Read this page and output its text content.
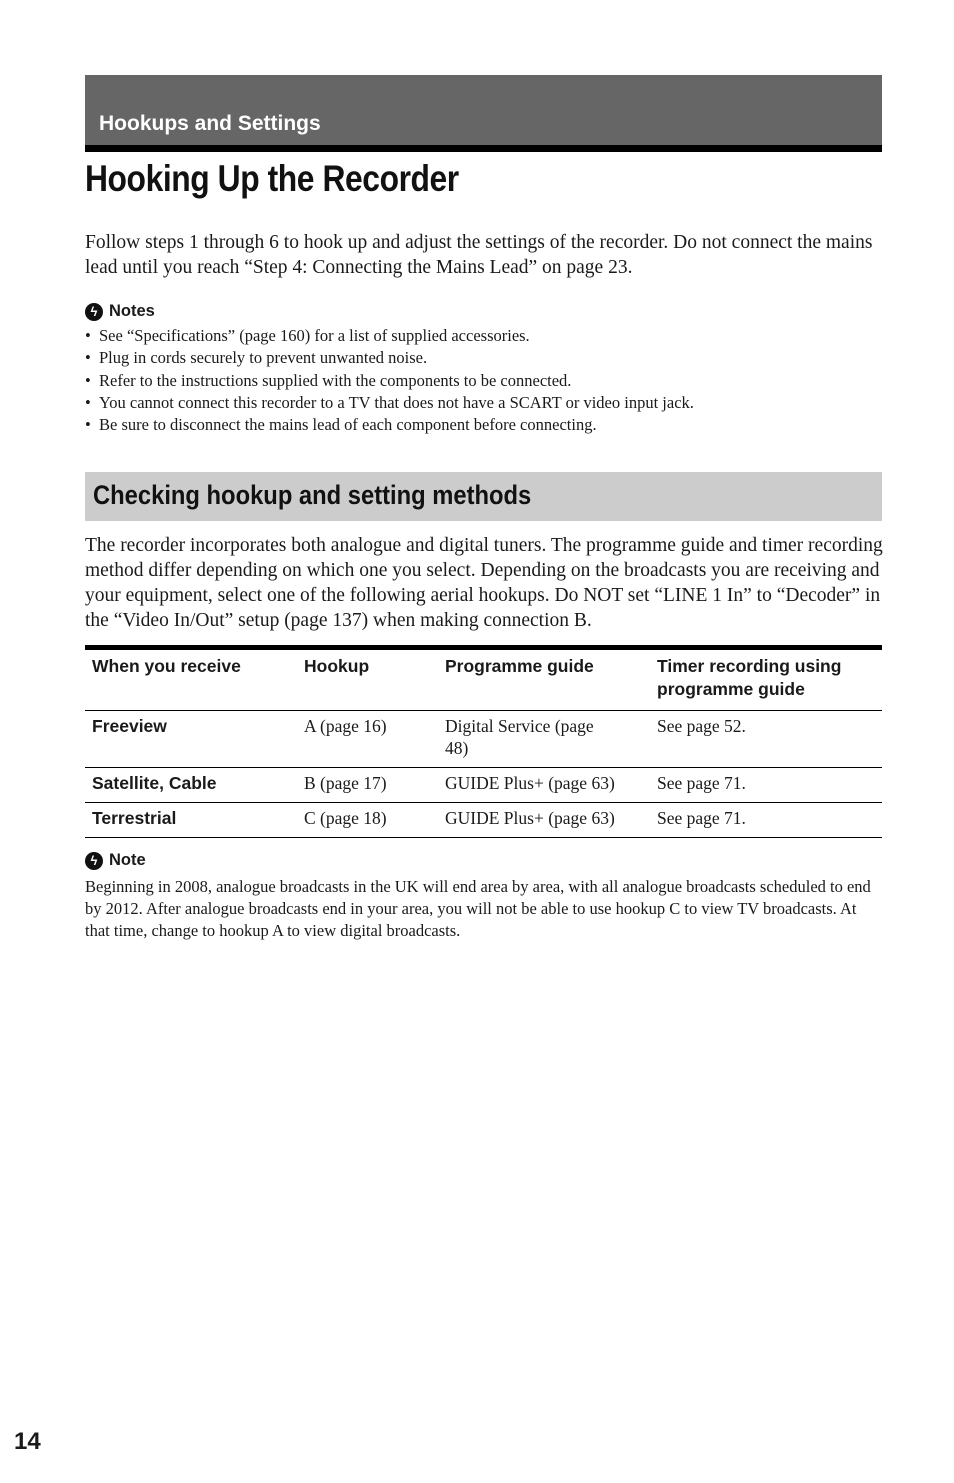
Hookups and Settings
Hooking Up the Recorder

Follow steps 1 through 6 to hook up and adjust the settings of the recorder. Do not connect the mains lead until you reach “Step 4: Connecting the Mains Lead” on page 23.

ϟ Notes
• See “Specifications” (page 160) for a list of supplied accessories.
• Plug in cords securely to prevent unwanted noise.
• Refer to the instructions supplied with the components to be connected.
• You cannot connect this recorder to a TV that does not have a SCART or video input jack.
• Be sure to disconnect the mains lead of each component before connecting.
Checking hookup and setting methods

The recorder incorporates both analogue and digital tuners. The programme guide and timer recording method differ depending on which one you select. Depending on the broadcasts you are receiving and your equipment, select one of the following aerial hookups. Do NOT set “LINE 1 In” to “Decoder” in the “Video In/Out” setup (page 137) when making connection B.

When you receive	Hookup	Programme guide	Timer recording using programme guide
Freeview	A (page 16)	Digital Service (page 48)	See page 52.
Satellite, Cable	B (page 17)	GUIDE Plus+ (page 63)	See page 71.
Terrestrial	C (page 18)	GUIDE Plus+ (page 63)	See page 71.
ϟ Note

Beginning in 2008, analogue broadcasts in the UK will end area by area, with all analogue broadcasts scheduled to end by 2012. After analogue broadcasts end in your area, you will not be able to use hookup C to view TV broadcasts. At that time, change to hookup A to view digital broadcasts.

14
